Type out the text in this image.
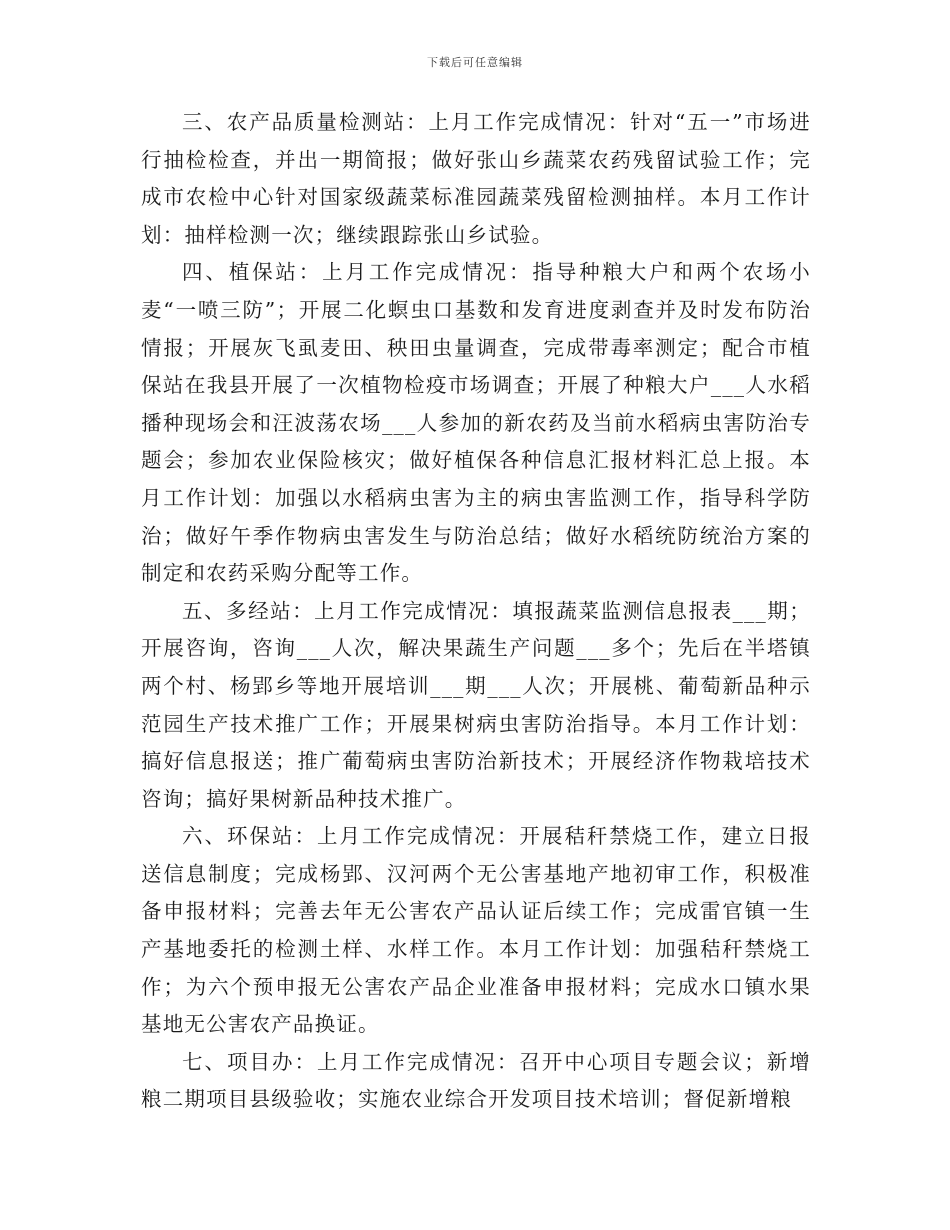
下载后可任意编辑

三、农产品质量检测站：上月工作完成情况：针对“五一”市场进行抽检检查，并出一期简报；做好张山乡蔬菜农药残留试验工作；完成市农检中心针对国家级蔬菜标准园蔬菜残留检测抽样。本月工作计划：抽样检测一次；继续跟踪张山乡试验。

四、植保站：上月工作完成情况：指导种粮大户和两个农场小麦“一喷三防”；开展二化螟虫口基数和发育进度剥查并及时发布防治情报；开展灰飞虱麦田、秧田虫量调查，完成带毒率测定；配合市植保站在我县开展了一次植物检疫市场调查；开展了种粮大户___人水稻播种现场会和汪波荡农场___人参加的新农药及当前水稻病虫害防治专题会；参加农业保险核灾；做好植保各种信息汇报材料汇总上报。本月工作计划：加强以水稻病虫害为主的病虫害监测工作，指导科学防治；做好午季作物病虫害发生与防治总结；做好水稻统防统治方案的制定和农药采购分配等工作。

五、多经站：上月工作完成情况：填报蔬菜监测信息报表___期；开展咨询，咨询___人次，解决果蔬生产问题___多个；先后在半塔镇两个村、杨郢乡等地开展培训___期___人次；开展桃、葡萄新品种示范园生产技术推广工作；开展果树病虫害防治指导。本月工作计划：搞好信息报送；推广葡萄病虫害防治新技术；开展经济作物栽培技术咨询；搞好果树新品种技术推广。

六、环保站：上月工作完成情况：开展秸秆禁烧工作，建立日报送信息制度；完成杨郢、汉河两个无公害基地产地初审工作，积极准备申报材料；完善去年无公害农产品认证后续工作；完成雷官镇一生产基地委托的检测土样、水样工作。本月工作计划：加强秸秆禁烧工作；为六个预申报无公害农产品企业准备申报材料；完成水口镇水果基地无公害农产品换证。

七、项目办：上月工作完成情况：召开中心项目专题会议；新增粮二期项目县级验收；实施农业综合开发项目技术培训；督促新增粮
